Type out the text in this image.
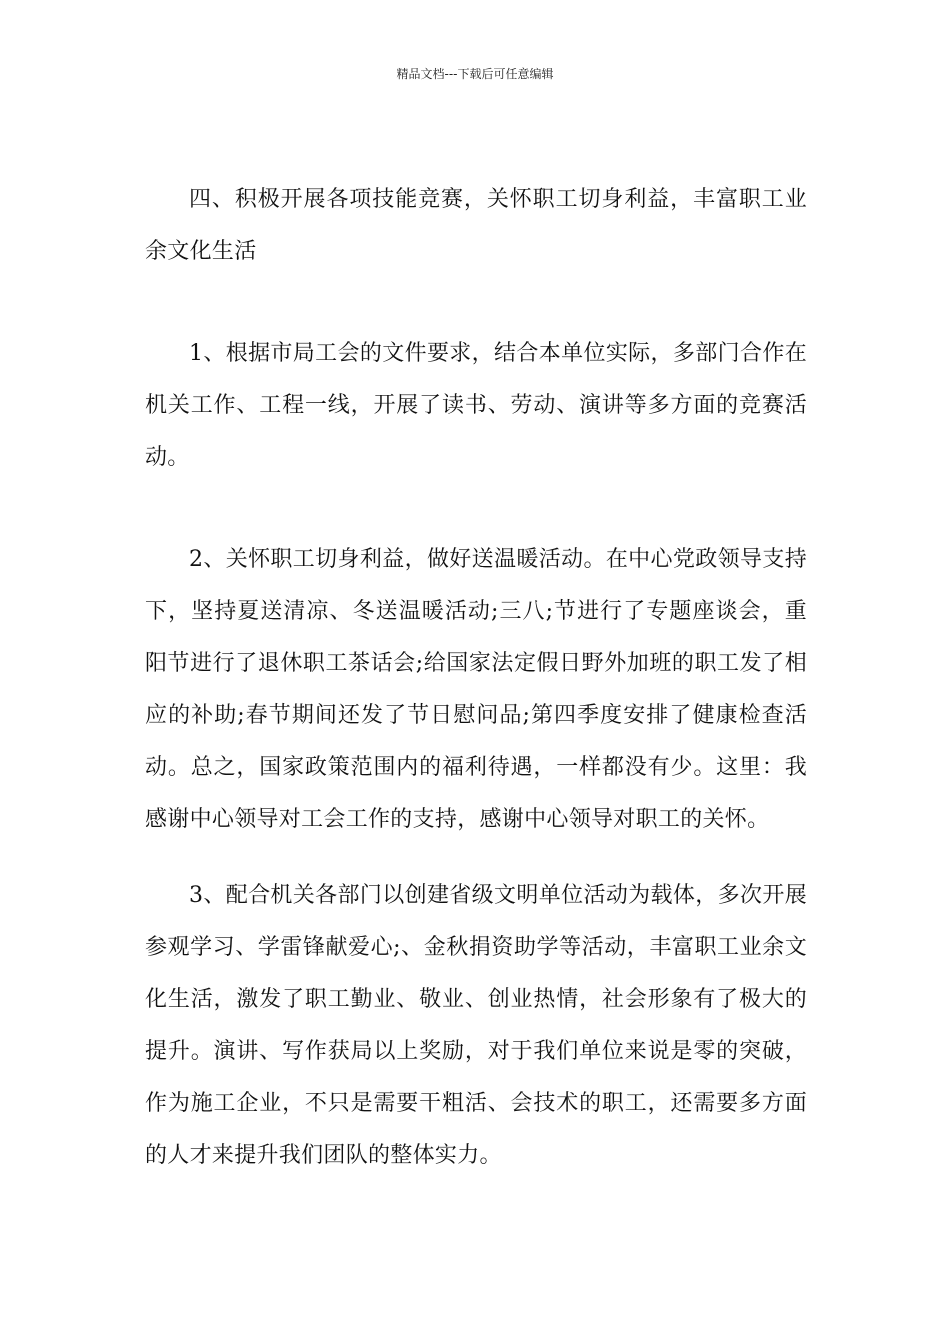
精品文档---下载后可任意编辑

四、积极开展各项技能竞赛，关怀职工切身利益，丰富职工业余文化生活

1、根据市局工会的文件要求，结合本单位实际，多部门合作在机关工作、工程一线，开展了读书、劳动、演讲等多方面的竞赛活动。

2、关怀职工切身利益，做好送温暖活动。在中心党政领导支持下，坚持夏送清凉、冬送温暖活动;三八;节进行了专题座谈会，重阳节进行了退休职工茶话会;给国家法定假日野外加班的职工发了相应的补助;春节期间还发了节日慰问品;第四季度安排了健康检查活动。总之，国家政策范围内的福利待遇，一样都没有少。这里：我感谢中心领导对工会工作的支持，感谢中心领导对职工的关怀。

3、配合机关各部门以创建省级文明单位活动为载体，多次开展参观学习、学雷锋献爱心;、金秋捐资助学等活动，丰富职工业余文化生活，激发了职工勤业、敬业、创业热情，社会形象有了极大的提升。演讲、写作获局以上奖励，对于我们单位来说是零的突破，作为施工企业，不只是需要干粗活、会技术的职工，还需要多方面的人才来提升我们团队的整体实力。
